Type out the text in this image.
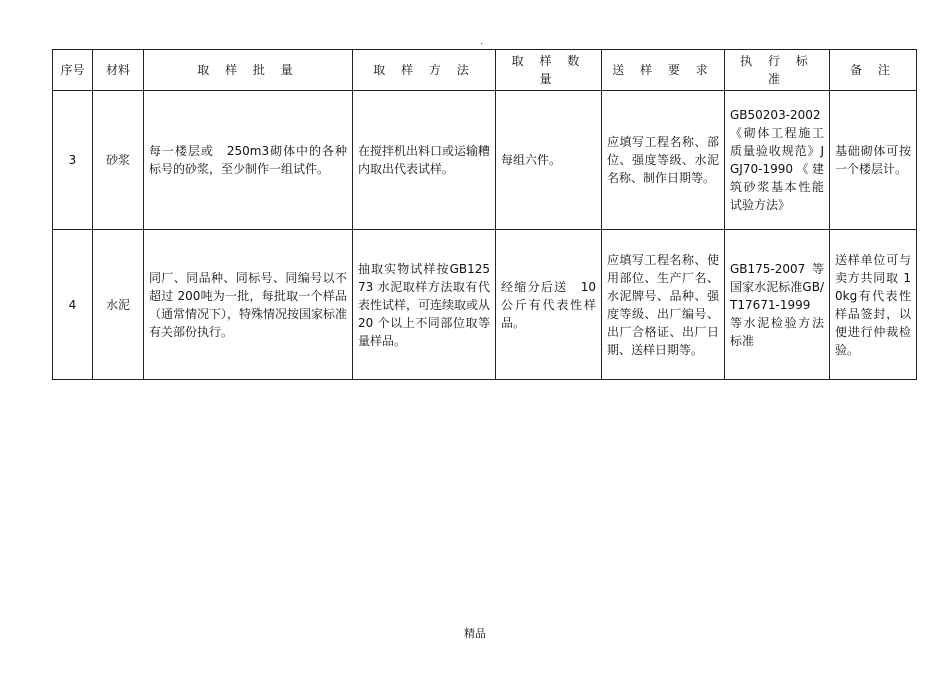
.
序号	材料	取 样 批 量	取 样 方 法	取 样 数 量	送 样 要 求	执 行 标 准	备 注
3	砂浆	每一楼层或　250m3砌体中的各种标号的砂浆，至少制作一组试件。	在搅拌机出料口或运输糟内取出代表试样。	每组六件。	应填写工程名称、部位、强度等级、水泥名称、制作日期等。	GB50203-2002《砌体工程施工质量验收规范》JGJ70-1990《建筑砂浆基本性能试验方法》	基础砌体可按一个楼层计。
4	水泥	同厂、同品种、同标号、同编号以不超过 200吨为一批，每批取一个样品（通常情况下），特殊情况按国家标准有关部份执行。	抽取实物试样按GB12573 水泥取样方法取有代表性试样，可连续取或从 20 个以上不同部位取等量样品。	经缩分后送　10公斤有代表性样品。	应填写工程名称、使用部位、生产厂名、水泥牌号、品种、强度等级、出厂编号、出厂合格证、出厂日期、送样日期等。	GB175-2007 等国家水泥标准GB/T17671-1999 等水泥检验方法标准	送样单位可与卖方共同取 10kg有代表性样品签封，以便进行仲裁检验。
精品
